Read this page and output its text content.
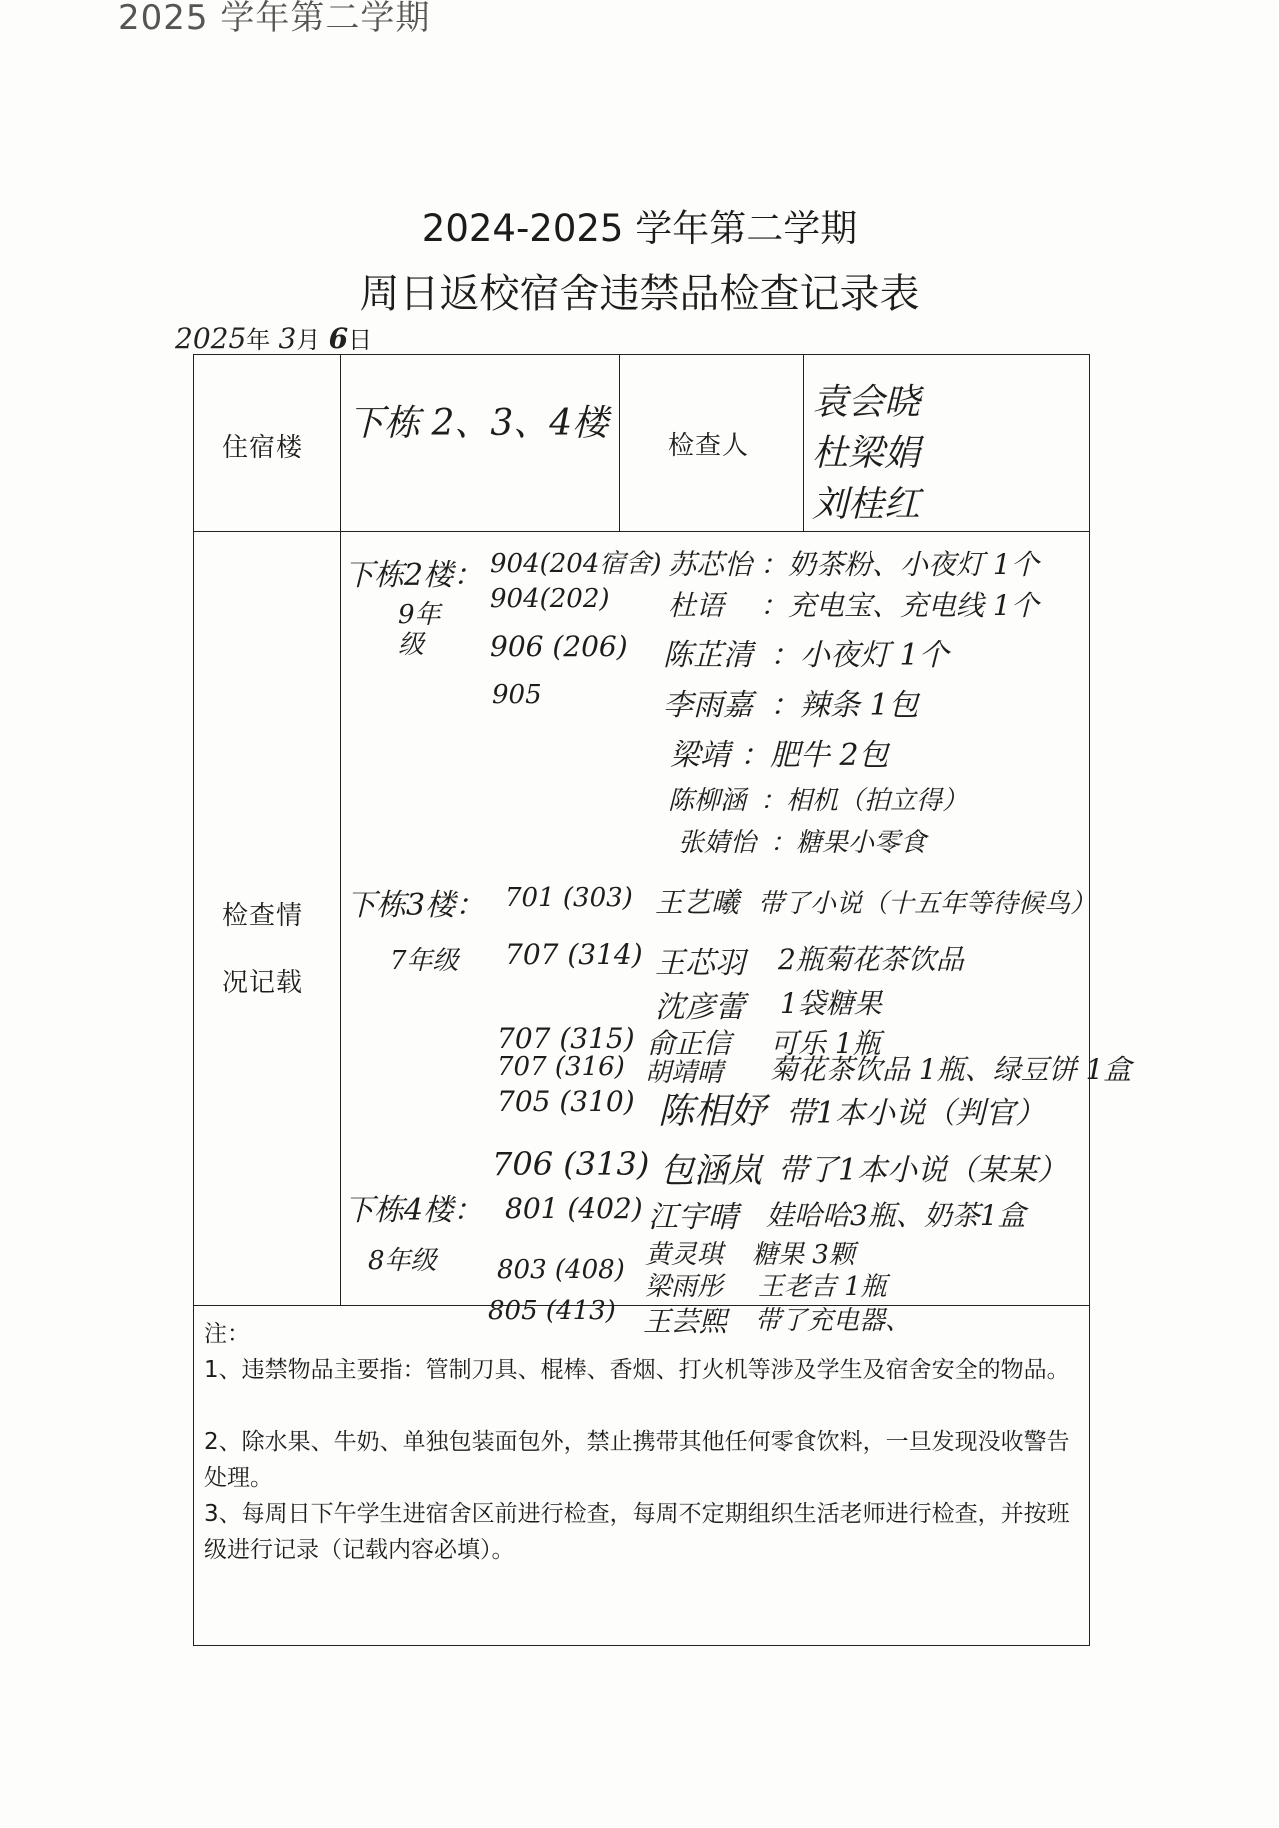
2025 学年第二学期
2024-2025 学年第二学期
周日返校宿舍违禁品检查记录表
2025年 3月 6日
住宿楼
下栋 2、3、4楼
检查人
袁会晓
杜梁娟
刘桂红
检查情
况记载
下栋2楼：
9年级
904(204宿舍) 苏芯怡 ：奶茶粉、小夜灯 1个
904(202) 杜语 ：充电宝、充电线 1个
906 (206) 陈芷清 ：小夜灯 1个
905	李雨嘉 ：辣条 1包
梁靖 ：肥牛 2包
陈柳涵 ：相机（拍立得）
张婧怡 ：糖果小零食
下栋3楼：
7年级
701 (303) 王艺曦 带了小说（十五年等待候鸟）
707 (314) 王芯羽 2瓶菊花茶饮品
沈彦蕾 1袋糖果
707 (315) 俞正信 可乐 1瓶
707 (316) 胡靖晴 菊花茶饮品 1瓶、绿豆饼 1盒
705 (310) 陈相妤 带1本小说（判官）
706 (313) 包涵岚 带了1本小说（某某）
下栋4楼：
8年级
801 (402) 江宇晴 娃哈哈3瓶、奶茶1盒
803 (408) 黄灵琪 糖果 3颗
梁雨彤 王老吉 1瓶
805 (413) 王芸熙 带了充电器、
注：
1、违禁物品主要指：管制刀具、棍棒、香烟、打火机等涉及学生及宿舍安全的物品。
2、除水果、牛奶、单独包装面包外，禁止携带其他任何零食饮料，一旦发现没收警告处理。
3、每周日下午学生进宿舍区前进行检查，每周不定期组织生活老师进行检查，并按班级进行记录（记载内容必填）。
